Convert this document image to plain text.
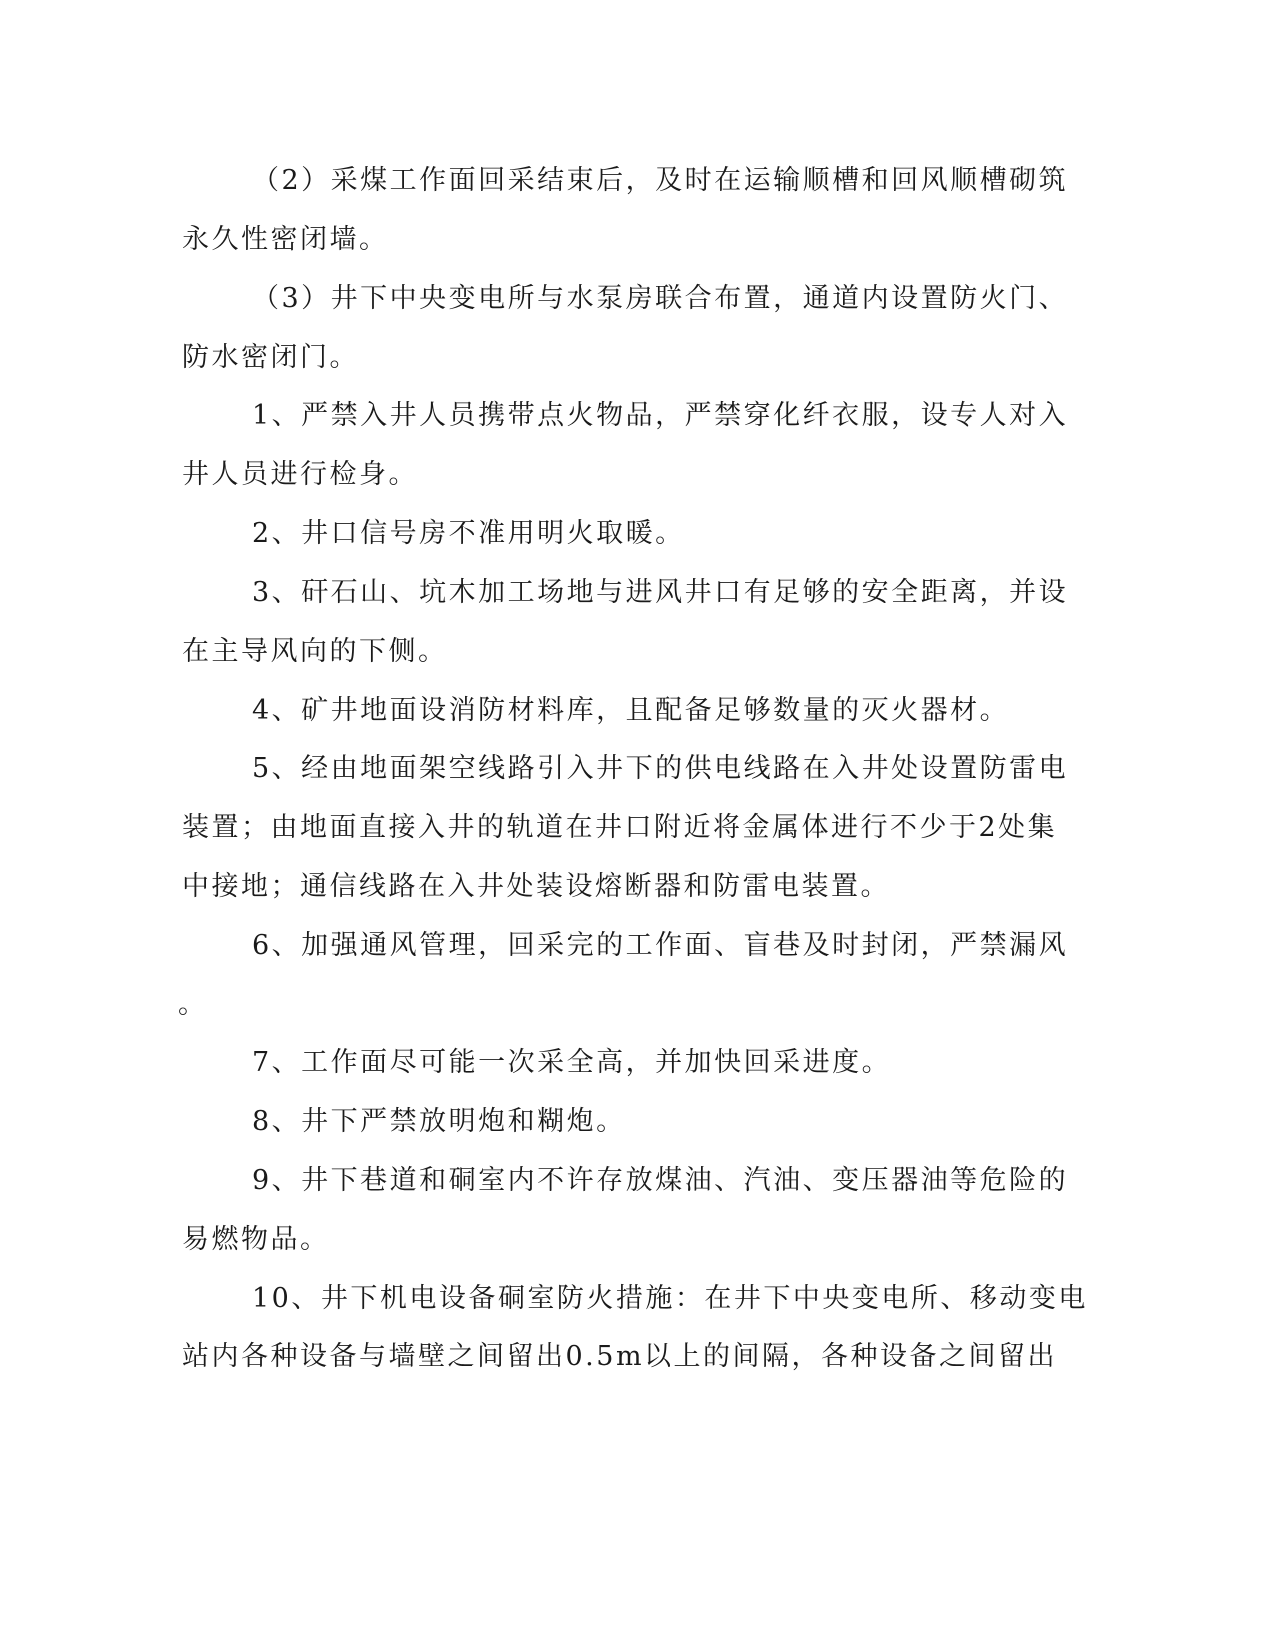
（2）采煤工作面回采结束后，及时在运输顺槽和回风顺槽砌筑
永久性密闭墙。
（3）井下中央变电所与水泵房联合布置，通道内设置防火门、
防水密闭门。
1、严禁入井人员携带点火物品，严禁穿化纤衣服，设专人对入
井人员进行检身。
2、井口信号房不准用明火取暖。
3、矸石山、坑木加工场地与进风井口有足够的安全距离，并设
在主导风向的下侧。
4、矿井地面设消防材料库，且配备足够数量的灭火器材。
5、经由地面架空线路引入井下的供电线路在入井处设置防雷电
装置；由地面直接入井的轨道在井口附近将金属体进行不少于2处集
中接地；通信线路在入井处装设熔断器和防雷电装置。
6、加强通风管理，回采完的工作面、盲巷及时封闭，严禁漏风
。
7、工作面尽可能一次采全高，并加快回采进度。
8、井下严禁放明炮和糊炮。
9、井下巷道和硐室内不许存放煤油、汽油、变压器油等危险的
易燃物品。
10、井下机电设备硐室防火措施：在井下中央变电所、移动变电
站内各种设备与墙壁之间留出0.5m以上的间隔，各种设备之间留出
